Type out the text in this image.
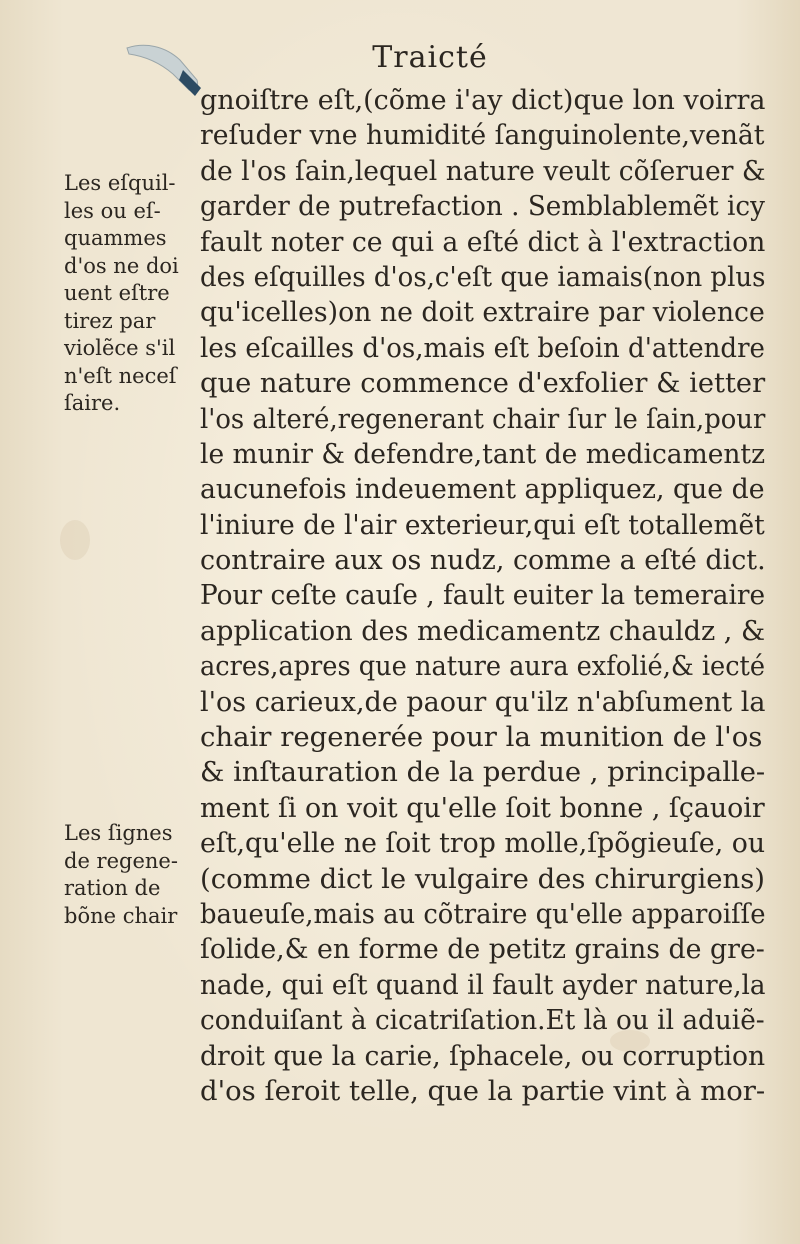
Traicté
gnoiſtre eſt,(cõme i'ay dict)que lon voirra
reſuder vne humidité ſanguinolente,venãt
de l'os ſain,lequel nature veult cõſeruer &
garder de putrefaction . Semblablemẽt icy
fault noter ce qui a eſté dict à l'extraction
des eſquilles d'os,c'eſt que iamais(non plus
qu'icelles)on ne doit extraire par violence
les eſcailles d'os,mais eſt beſoin d'attendre
que nature commence d'exfolier & ietter
l'os alteré,regenerant chair ſur le ſain,pour
le munir & defendre,tant de medicamentz
aucunefois indeuement appliquez, que de
l'iniure de l'air exterieur,qui eſt totallemẽt
contraire aux os nudz, comme a eſté dict.
Pour ceſte cauſe , fault euiter la temeraire
application des medicamentz chauldz , &
acres,apres que nature aura exfolié,& iecté
l'os carieux,de paour qu'ilz n'abſument la
chair regenerée pour la munition de l'os
& inſtauration de la perdue , principalle-
ment ſi on voit qu'elle ſoit bonne , ſçauoir
eſt,qu'elle ne ſoit trop molle,ſpõgieuſe, ou
(comme dict le vulgaire des chirurgiens)
baueuſe,mais au cõtraire qu'elle apparoiſſe
ſolide,& en forme de petitz grains de gre-
nade, qui eſt quand il fault ayder nature,la
conduiſant à cicatriſation.Et là ou il aduiẽ-
droit que la carie, ſphacele, ou corruption
d'os ſeroit telle, que la partie vint à mor-
Les eſquil-
les ou eſ-
quammes
d'os ne doi
uent eſtre
tirez par
violẽce s'il
n'eſt neceſ
ſaire.
Les ſignes
de regene-
ration de
bõne chair
